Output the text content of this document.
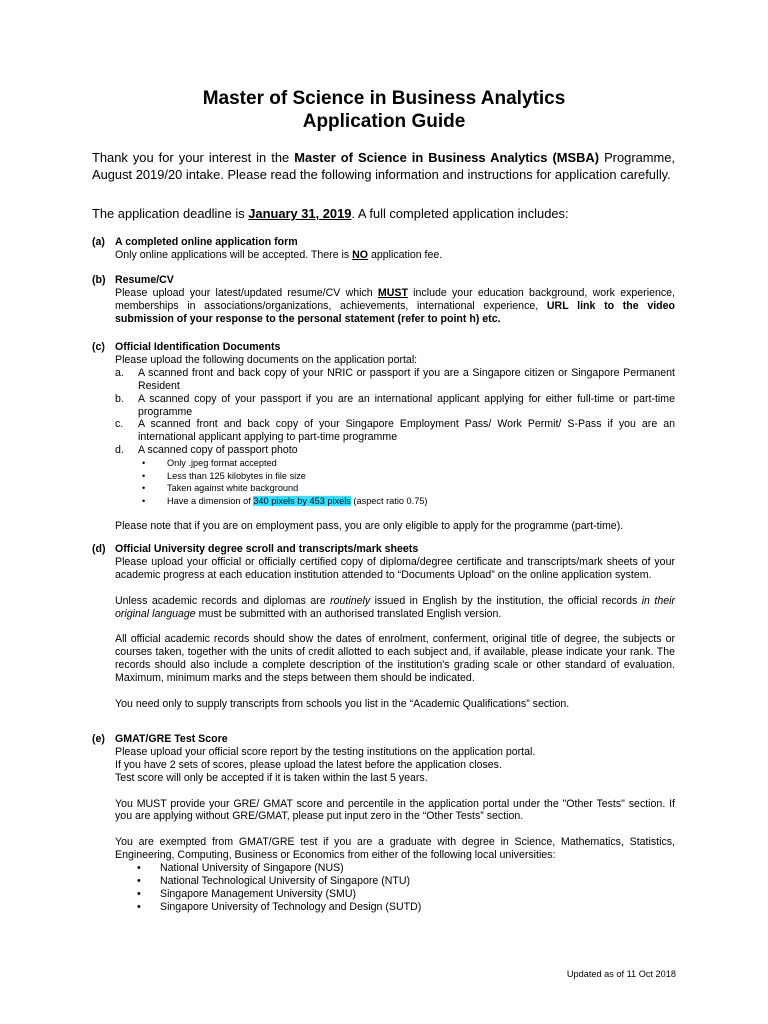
Master of Science in Business Analytics
Application Guide
Thank you for your interest in the Master of Science in Business Analytics (MSBA) Programme, August 2019/20 intake. Please read the following information and instructions for application carefully.
The application deadline is January 31, 2019. A full completed application includes:
(a) A completed online application form
Only online applications will be accepted. There is NO application fee.
(b) Resume/CV
Please upload your latest/updated resume/CV which MUST include your education background, work experience, memberships in associations/organizations, achievements, international experience, URL link to the video submission of your response to the personal statement (refer to point h) etc.
(c) Official Identification Documents
Please upload the following documents on the application portal:
a. A scanned front and back copy of your NRIC or passport if you are a Singapore citizen or Singapore Permanent Resident
b. A scanned copy of your passport if you are an international applicant applying for either full-time or part-time programme
c. A scanned front and back copy of your Singapore Employment Pass/ Work Permit/ S-Pass if you are an international applicant applying to part-time programme
d. A scanned copy of passport photo
• Only .jpeg format accepted
• Less than 125 kilobytes in file size
• Taken against white background
• Have a dimension of 340 pixels by 453 pixels (aspect ratio 0.75)
Please note that if you are on employment pass, you are only eligible to apply for the programme (part-time).
(d) Official University degree scroll and transcripts/mark sheets
Please upload your official or officially certified copy of diploma/degree certificate and transcripts/mark sheets of your academic progress at each education institution attended to “Documents Upload” on the online application system.
Unless academic records and diplomas are routinely issued in English by the institution, the official records in their original language must be submitted with an authorised translated English version.
All official academic records should show the dates of enrolment, conferment, original title of degree, the subjects or courses taken, together with the units of credit allotted to each subject and, if available, please indicate your rank. The records should also include a complete description of the institution's grading scale or other standard of evaluation. Maximum, minimum marks and the steps between them should be indicated.
You need only to supply transcripts from schools you list in the “Academic Qualifications” section.
(e) GMAT/GRE Test Score
Please upload your official score report by the testing institutions on the application portal.
If you have 2 sets of scores, please upload the latest before the application closes.
Test score will only be accepted if it is taken within the last 5 years.
You MUST provide your GRE/ GMAT score and percentile in the application portal under the "Other Tests" section. If you are applying without GRE/GMAT, please put input zero in the “Other Tests” section.
You are exempted from GMAT/GRE test if you are a graduate with degree in Science, Mathematics, Statistics, Engineering, Computing, Business or Economics from either of the following local universities:
• National University of Singapore (NUS)
• National Technological University of Singapore (NTU)
• Singapore Management University (SMU)
• Singapore University of Technology and Design (SUTD)
Updated as of 11 Oct 2018
